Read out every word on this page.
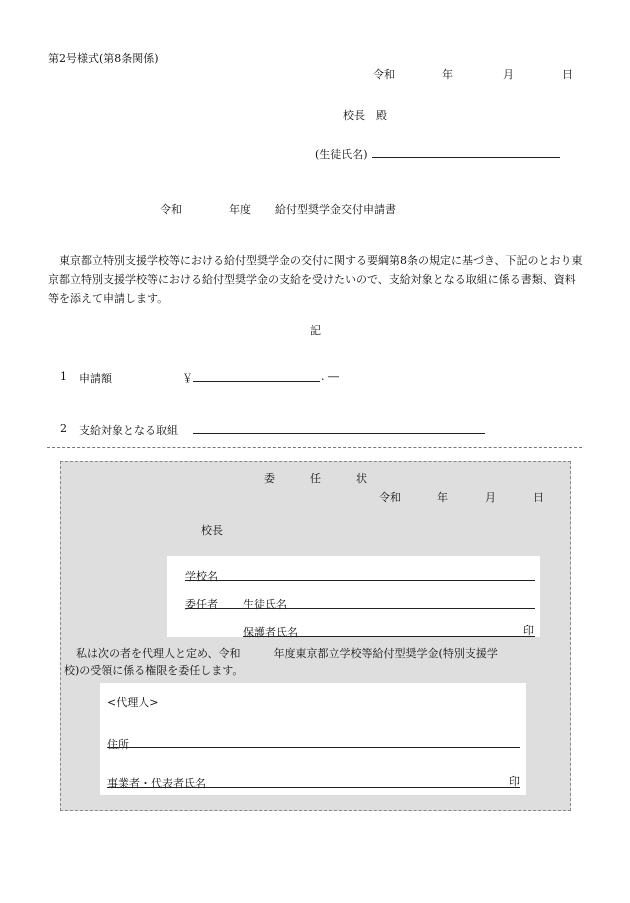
第2号様式(第8条関係)
令和	年	月	日
校長　殿
(生徒氏名)
令和	年度 給付型奨学金交付申請書
東京都立特別支援学校等における給付型奨学金の交付に関する要綱第8条の規定に基づき、下記のとおり東京都立特別支援学校等における給付型奨学金の支給を受けたいので、支給対象となる取組に係る書類、資料等を添えて申請します。
記
1 申請額	￥	. ―
2 支給対象となる取組
委	任	状
令和	年	月	日
校長
学校名
委任者 生徒氏名
保護者氏名	印
私は次の者を代理人と定め、令和　　　年度東京都立学校等給付型奨学金(特別支援学
校)の受領に係る権限を委任します。
<代理人>
住所
事業者・代表者氏名	印
